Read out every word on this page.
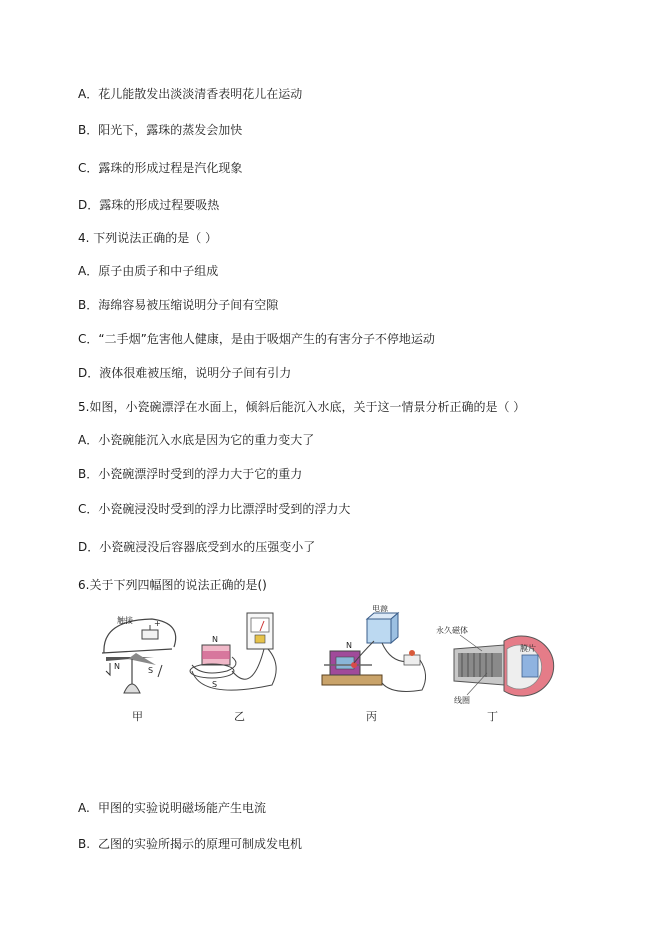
A．花儿能散发出淡淡清香表明花儿在运动
B．阳光下，露珠的蒸发会加快
C．露珠的形成过程是汽化现象
D．露珠的形成过程要吸热
4. 下列说法正确的是（ ）
A．原子由质子和中子组成
B．海绵容易被压缩说明分子间有空隙
C．“二手烟”危害他人健康，是由于吸烟产生的有害分子不停地运动
D．液体很难被压缩，说明分子间有引力
5.如图，小瓷碗漂浮在水面上，倾斜后能沉入水底，关于这一情景分析正确的是（ ）
A．小瓷碗能沉入水底是因为它的重力变大了
B．小瓷碗漂浮时受到的浮力大于它的重力
C．小瓷碗浸没时受到的浮力比漂浮时受到的浮力大
D．小瓷碗浸没后容器底受到水的压强变小了
6.关于下列四幅图的说法正确的是()
+
触接
N	S
N
S
电源
N
永久磁体
线圈
膜片
甲	乙	丙	丁
A. 甲图的实验说明磁场能产生电流
B. 乙图的实验所揭示的原理可制成发电机
